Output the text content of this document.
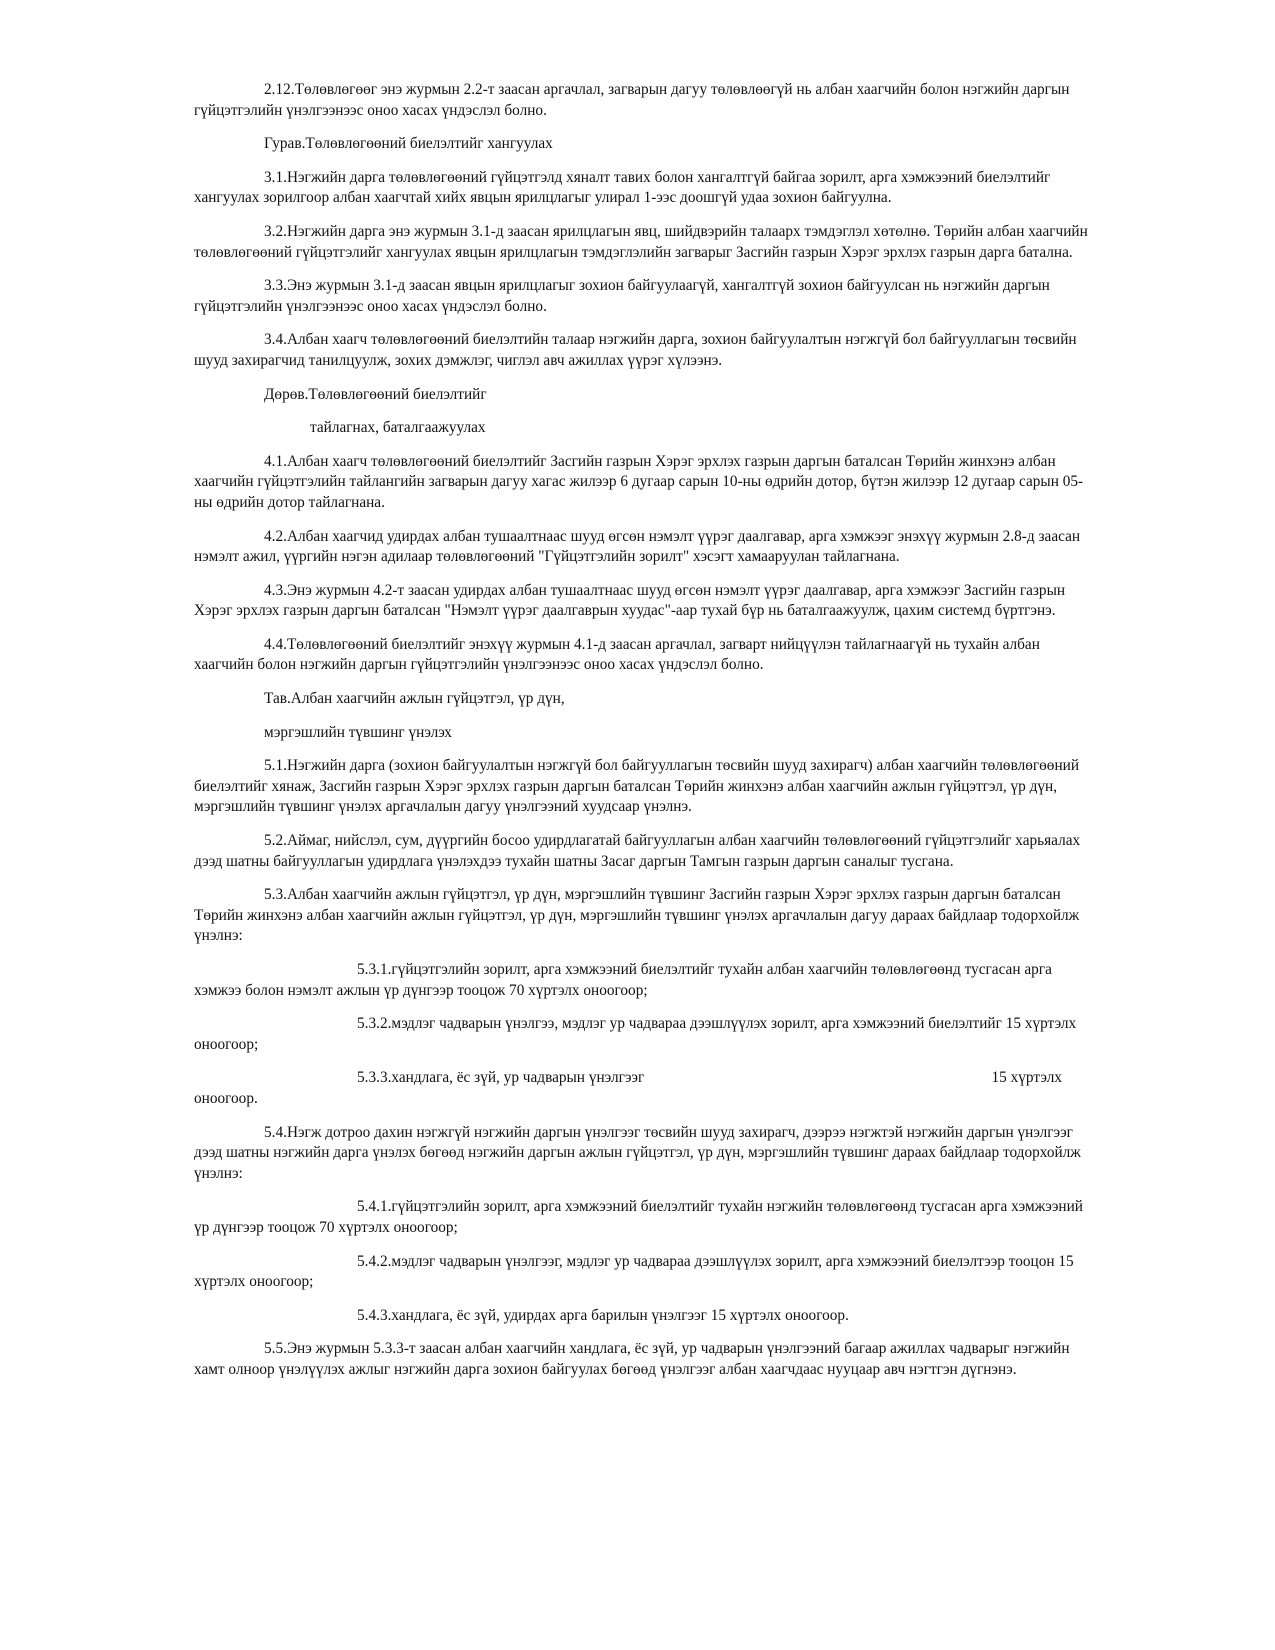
2.12.Төлөвлөгөөг энэ журмын 2.2-т заасан аргачлал, загварын дагуу төлөвлөөгүй нь албан хаагчийн болон нэгжийн даргын гүйцэтгэлийн үнэлгээнээс оноо хасах үндэслэл болно.

Гурав.Төлөвлөгөөний биелэлтийг хангуулах

3.1.Нэгжийн дарга төлөвлөгөөний гүйцэтгэлд хяналт тавих болон хангалтгүй байгаа зорилт, арга хэмжээний биелэлтийг хангуулах зорилгоор албан хаагчтай хийх явцын ярилцлагыг улирал 1-ээс доошгүй удаа зохион байгуулна.

3.2.Нэгжийн дарга энэ журмын 3.1-д заасан ярилцлагын явц, шийдвэрийн талаарх тэмдэглэл хөтөлнө. Төрийн албан хаагчийн төлөвлөгөөний гүйцэтгэлийг хангуулах явцын ярилцлагын тэмдэглэлийн загварыг Засгийн газрын Хэрэг эрхлэх газрын дарга батална.

3.3.Энэ журмын 3.1-д заасан явцын ярилцлагыг зохион байгуулаагүй, хангалтгүй зохион байгуулсан нь нэгжийн даргын гүйцэтгэлийн үнэлгээнээс оноо хасах үндэслэл болно.

3.4.Албан хаагч төлөвлөгөөний биелэлтийн талаар нэгжийн дарга, зохион байгуулалтын нэгжгүй бол байгууллагын төсвийн шууд захирагчид танилцуулж, зохих дэмжлэг, чиглэл авч ажиллах үүрэг хүлээнэ.

Дөрөв.Төлөвлөгөөний биелэлтийг

тайлагнах, баталгаажуулах

4.1.Албан хаагч төлөвлөгөөний биелэлтийг Засгийн газрын Хэрэг эрхлэх газрын даргын баталсан Төрийн жинхэнэ албан хаагчийн гүйцэтгэлийн тайлангийн загварын дагуу хагас жилээр 6 дугаар сарын 10-ны өдрийн дотор, бүтэн жилээр 12 дугаар сарын 05-ны өдрийн дотор тайлагнана.

4.2.Албан хаагчид удирдах албан тушаалтнаас шууд өгсөн нэмэлт үүрэг даалгавар, арга хэмжээг энэхүү журмын 2.8-д заасан нэмэлт ажил, үүргийн нэгэн адилаар төлөвлөгөөний "Гүйцэтгэлийн зорилт" хэсэгт хамааруулан тайлагнана.

4.3.Энэ журмын 4.2-т заасан удирдах албан тушаалтнаас шууд өгсөн нэмэлт үүрэг даалгавар, арга хэмжээг Засгийн газрын Хэрэг эрхлэх газрын даргын баталсан "Нэмэлт үүрэг даалгаврын хуудас"-аар тухай бүр нь баталгаажуулж, цахим системд бүртгэнэ.

4.4.Төлөвлөгөөний биелэлтийг энэхүү журмын 4.1-д заасан аргачлал, загварт нийцүүлэн тайлагнаагүй нь тухайн албан хаагчийн болон нэгжийн даргын гүйцэтгэлийн үнэлгээнээс оноо хасах үндэслэл болно.

Тав.Албан хаагчийн ажлын гүйцэтгэл, үр дүн,

мэргэшлийн түвшинг үнэлэх

5.1.Нэгжийн дарга (зохион байгуулалтын нэгжгүй бол байгууллагын төсвийн шууд захирагч) албан хаагчийн төлөвлөгөөний биелэлтийг хянаж, Засгийн газрын Хэрэг эрхлэх газрын даргын баталсан Төрийн жинхэнэ албан хаагчийн ажлын гүйцэтгэл, үр дүн, мэргэшлийн түвшинг үнэлэх аргачлалын дагуу үнэлгээний хуудсаар үнэлнэ.

5.2.Аймаг, нийслэл, сум, дүүргийн босоо удирдлагатай байгууллагын албан хаагчийн төлөвлөгөөний гүйцэтгэлийг харьяалах дээд шатны байгууллагын удирдлага үнэлэхдээ тухайн шатны Засаг даргын Тамгын газрын даргын саналыг тусгана.

5.3.Албан хаагчийн ажлын гүйцэтгэл, үр дүн, мэргэшлийн түвшинг Засгийн газрын Хэрэг эрхлэх газрын даргын баталсан Төрийн жинхэнэ албан хаагчийн ажлын гүйцэтгэл, үр дүн, мэргэшлийн түвшинг үнэлэх аргачлалын дагуу дараах байдлаар тодорхойлж үнэлнэ:

5.3.1.гүйцэтгэлийн зорилт, арга хэмжээний биелэлтийг тухайн албан хаагчийн төлөвлөгөөнд тусгасан арга хэмжээ болон нэмэлт ажлын үр дүнгээр тооцож 70 хүртэлх оноогоор;

5.3.2.мэдлэг чадварын үнэлгээ, мэдлэг ур чадвараа дээшлүүлэх зорилт, арга хэмжээний биелэлтийг 15 хүртэлх оноогоор;

5.3.3.хандлага, ёс зүй, ур чадварын үнэлгээг	15 хүртэлх
оноогоор.

5.4.Нэгж дотроо дахин нэгжгүй нэгжийн даргын үнэлгээг төсвийн шууд захирагч, дээрээ нэгжтэй нэгжийн даргын үнэлгээг дээд шатны нэгжийн дарга үнэлэх бөгөөд нэгжийн даргын ажлын гүйцэтгэл, үр дүн, мэргэшлийн түвшинг дараах байдлаар тодорхойлж үнэлнэ:

5.4.1.гүйцэтгэлийн зорилт, арга хэмжээний биелэлтийг тухайн нэгжийн төлөвлөгөөнд тусгасан арга хэмжээний үр дүнгээр тооцож 70 хүртэлх оноогоор;

5.4.2.мэдлэг чадварын үнэлгээг, мэдлэг ур чадвараа дээшлүүлэх зорилт, арга хэмжээний биелэлтээр тооцон 15 хүртэлх оноогоор;

5.4.3.хандлага, ёс зүй, удирдах арга барилын үнэлгээг 15 хүртэлх оноогоор.

5.5.Энэ журмын 5.3.3-т заасан албан хаагчийн хандлага, ёс зүй, ур чадварын үнэлгээний багаар ажиллах чадварыг нэгжийн хамт олноор үнэлүүлэх ажлыг нэгжийн дарга зохион байгуулах бөгөөд үнэлгээг албан хаагчдаас нууцаар авч нэгтгэн дүгнэнэ.
